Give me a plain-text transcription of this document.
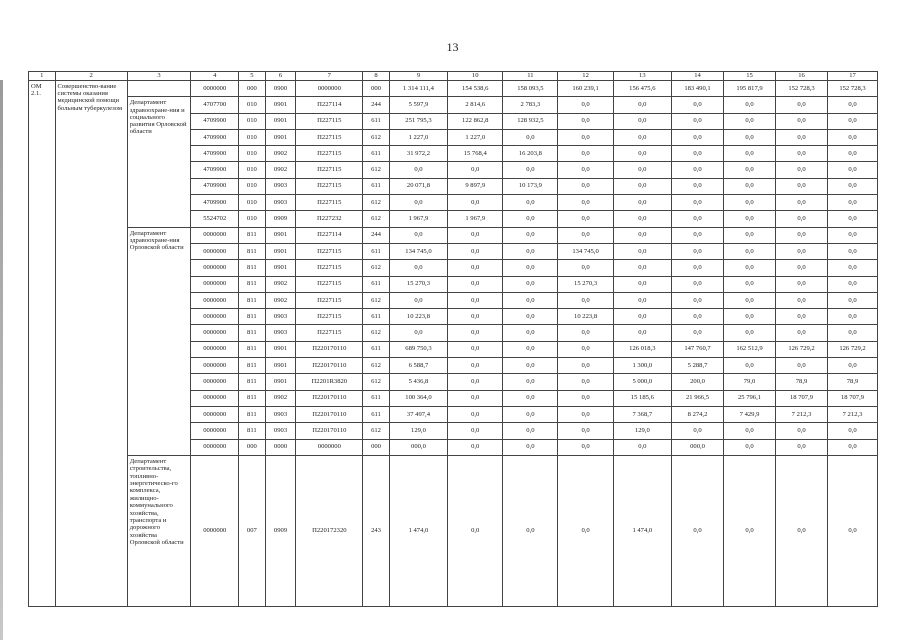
13
1	2	3	4	5	6	7	8	9	10	11	12	13	14	15	16	17
ОМ 2.1.	Совершенство-вание системы оказания медицинской помощи больным туберкулезом		0000000	000	0900	0000000	000	1 314 111,4	154 538,6	158 093,5	160 239,1	156 475,6	183 490,1	195 817,9	152 728,3	152 728,3
		Департамент здравоохране-ния и социального развития Орловской области	4707700	010	0901	П227114	244	5 597,9	2 814,6	2 783,3	0,0	0,0	0,0	0,0	0,0	0,0
			4709900	010	0901	П227115	611	251 795,3	122 862,8	128 932,5	0,0	0,0	0,0	0,0	0,0	0,0
			4709900	010	0901	П227115	612	1 227,0	1 227,0	0,0	0,0	0,0	0,0	0,0	0,0	0,0
			4709900	010	0902	П227115	611	31 972,2	15 768,4	16 203,8	0,0	0,0	0,0	0,0	0,0	0,0
			4709900	010	0902	П227115	612	0,0	0,0	0,0	0,0	0,0	0,0	0,0	0,0	0,0
			4709900	010	0903	П227115	611	20 071,8	9 897,9	10 173,9	0,0	0,0	0,0	0,0	0,0	0,0
			4709900	010	0903	П227115	612	0,0	0,0	0,0	0,0	0,0	0,0	0,0	0,0	0,0
			5524702	010	0909	П227232	612	1 967,9	1 967,9	0,0	0,0	0,0	0,0	0,0	0,0	0,0
		Департамент здравоохране-ния Орловской области	0000000	811	0901	П227114	244	0,0	0,0	0,0	0,0	0,0	0,0	0,0	0,0	0,0
			0000000	811	0901	П227115	611	134 745,0	0,0	0,0	134 745,0	0,0	0,0	0,0	0,0	0,0
			0000000	811	0901	П227115	612	0,0	0,0	0,0	0,0	0,0	0,0	0,0	0,0	0,0
			0000000	811	0902	П227115	611	15 270,3	0,0	0,0	15 270,3	0,0	0,0	0,0	0,0	0,0
			0000000	811	0902	П227115	612	0,0	0,0	0,0	0,0	0,0	0,0	0,0	0,0	0,0
			0000000	811	0903	П227115	611	10 223,8	0,0	0,0	10 223,8	0,0	0,0	0,0	0,0	0,0
			0000000	811	0903	П227115	612	0,0	0,0	0,0	0,0	0,0	0,0	0,0	0,0	0,0
			0000000	811	0901	П220170110	611	689 750,3	0,0	0,0	0,0	126 018,3	147 760,7	162 512,9	126 729,2	126 729,2
			0000000	811	0901	П220170110	612	6 588,7	0,0	0,0	0,0	1 300,0	5 288,7	0,0	0,0	0,0
			0000000	811	0901	П2201R3820	612	5 436,8	0,0	0,0	0,0	5 000,0	200,0	79,0	78,9	78,9
			0000000	811	0902	П220170110	611	100 364,0	0,0	0,0	0,0	15 185,6	21 966,5	25 796,1	18 707,9	18 707,9
			0000000	811	0903	П220170110	611	37 497,4	0,0	0,0	0,0	7 368,7	8 274,2	7 429,9	7 212,3	7 212,3
			0000000	811	0903	П220170110	612	129,0	0,0	0,0	0,0	129,0	0,0	0,0	0,0	0,0
			0000000	000	0000	0000000	000	000,0	0,0	0,0	0,0	0,0	000,0	0,0	0,0	0,0
		Департамент строительства, топливно-энергетическо-го комплекса, жилищно-коммунального хозяйства, транспорта и дорожного хозяйства Орловской области	0000000	007	0909	П220172320	243	1 474,0	0,0	0,0	0,0	1 474,0	0,0	0,0	0,0	0,0
